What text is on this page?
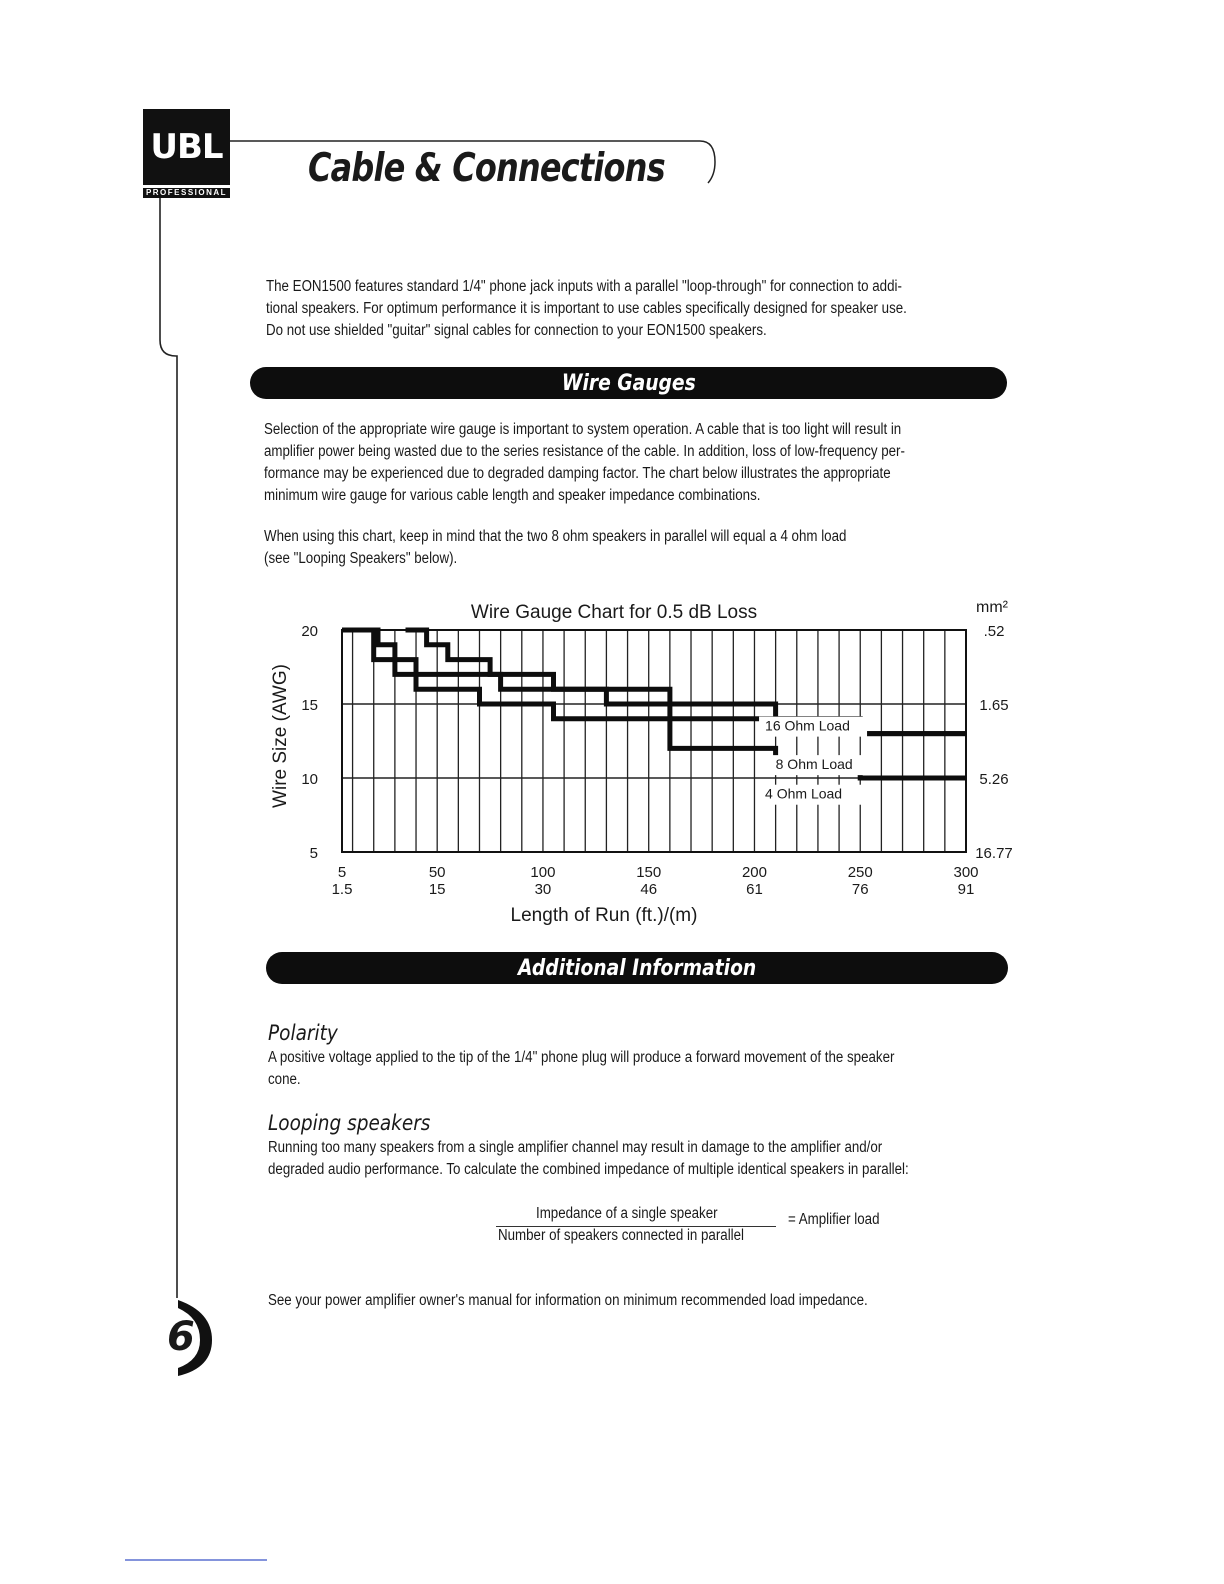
UBL
PROFESSIONAL
Cable & Connections
The EON1500 features standard 1/4" phone jack inputs with a parallel "loop-through" for connection to addi-
tional speakers. For optimum performance it is important to use cables specifically designed for speaker use.
Do not use shielded "guitar" signal cables for connection to your EON1500 speakers.
Wire Gauges
Selection of the appropriate wire gauge is important to system operation. A cable that is too light will result in
amplifier power being wasted due to the series resistance of the cable. In addition, loss of low-frequency per-
formance may be experienced due to degraded damping factor. The chart below illustrates the appropriate
minimum wire gauge for various cable length and speaker impedance combinations.
When using this chart, keep in mind that the two 8 ohm speakers in parallel will equal a 4 ohm load
(see "Looping Speakers" below).
16 Ohm Load
8 Ohm Load
4 Ohm Load
Wire Gauge Chart for 0.5 dB Loss	mm²
20	.52
15	1.65
10	5.26
5	16.77
5
1.5
50
15
100
30
150
46
200
61
250
76
300
91
Length of Run (ft.)/(m)
Wire Size (AWG)
Additional Information
Polarity
A positive voltage applied to the tip of the 1/4" phone plug will produce a forward movement of the speaker
cone.
Looping speakers
Running too many speakers from a single amplifier channel may result in damage to the amplifier and/or
degraded audio performance. To calculate the combined impedance of multiple identical speakers in parallel:
Impedance of a single speaker
Number of speakers connected in parallel
= Amplifier load
See your power amplifier owner's manual for information on minimum recommended load impedance.
6
